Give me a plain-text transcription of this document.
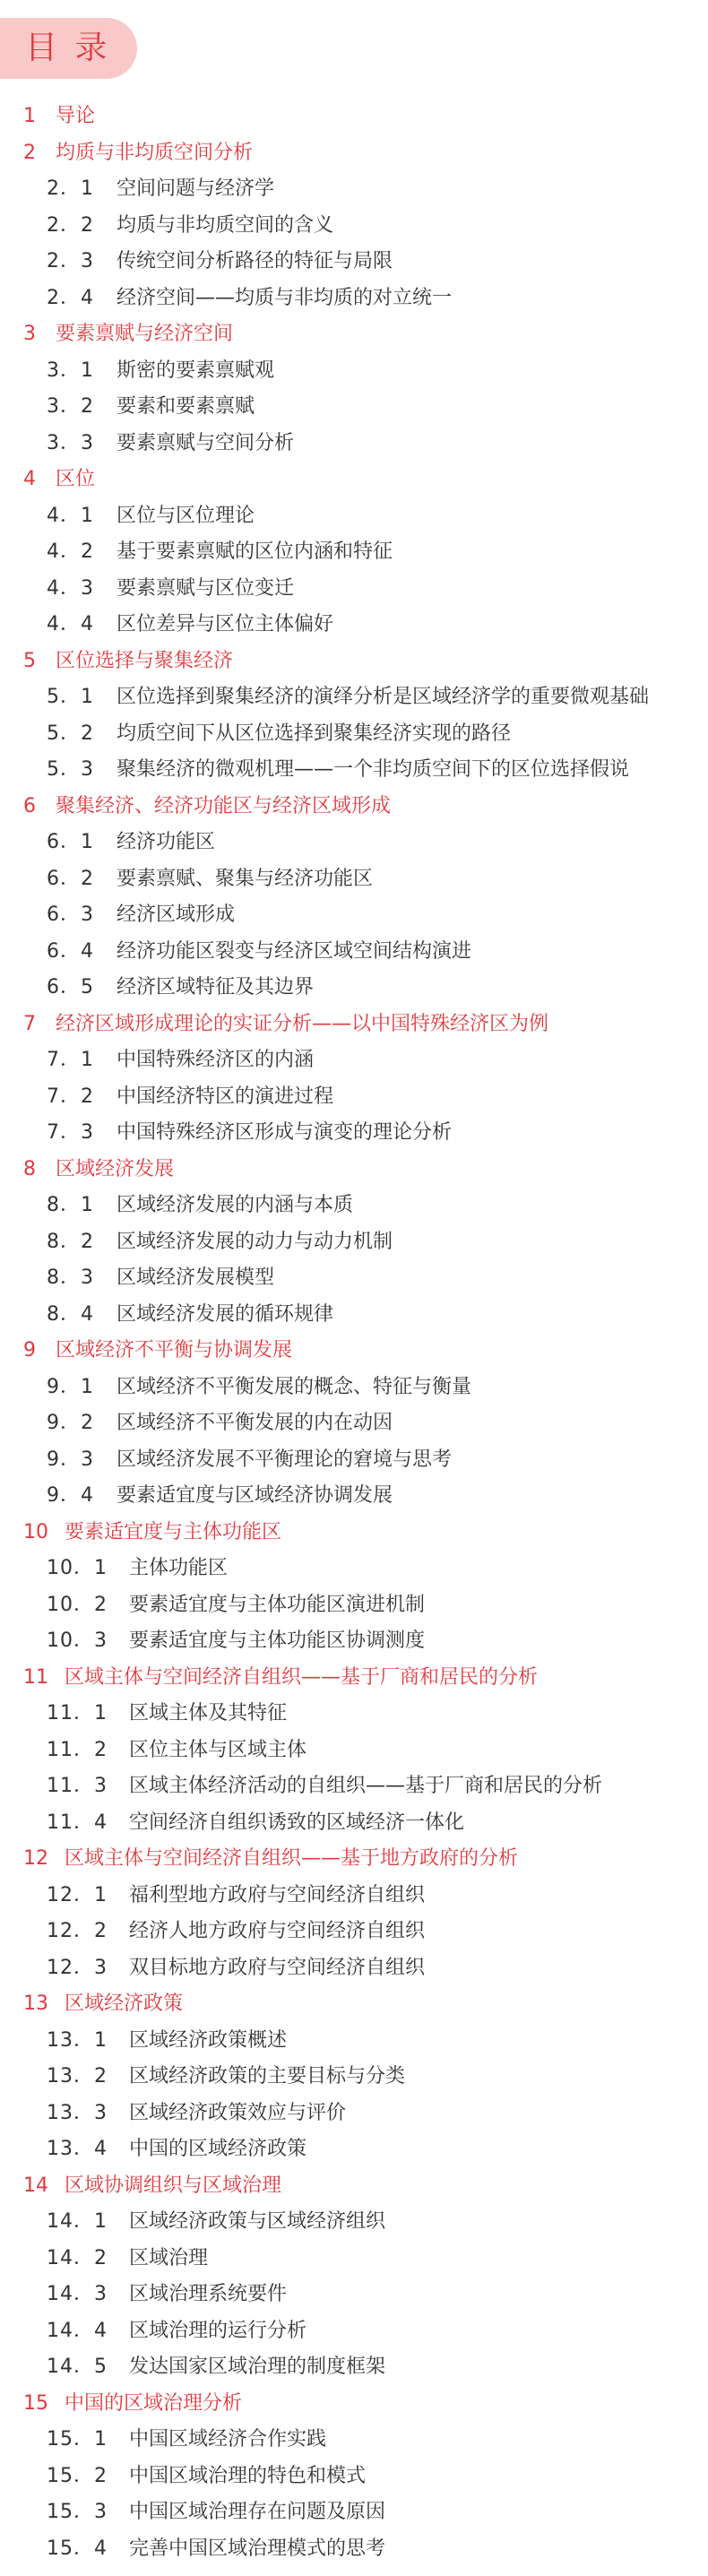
目 录
1 导论
2 均质与非均质空间分析
2．1 空间问题与经济学
2．2 均质与非均质空间的含义
2．3 传统空间分析路径的特征与局限
2．4 经济空间——均质与非均质的对立统一
3 要素禀赋与经济空间
3．1 斯密的要素禀赋观
3．2 要素和要素禀赋
3．3 要素禀赋与空间分析
4 区位
4．1 区位与区位理论
4．2 基于要素禀赋的区位内涵和特征
4．3 要素禀赋与区位变迁
4．4 区位差异与区位主体偏好
5 区位选择与聚集经济
5．1 区位选择到聚集经济的演绎分析是区域经济学的重要微观基础
5．2 均质空间下从区位选择到聚集经济实现的路径
5．3 聚集经济的微观机理——一个非均质空间下的区位选择假说
6 聚集经济、经济功能区与经济区域形成
6．1 经济功能区
6．2 要素禀赋、聚集与经济功能区
6．3 经济区域形成
6．4 经济功能区裂变与经济区域空间结构演进
6．5 经济区域特征及其边界
7 经济区域形成理论的实证分析——以中国特殊经济区为例
7．1 中国特殊经济区的内涵
7．2 中国经济特区的演进过程
7．3 中国特殊经济区形成与演变的理论分析
8 区域经济发展
8．1 区域经济发展的内涵与本质
8．2 区域经济发展的动力与动力机制
8．3 区域经济发展模型
8．4 区域经济发展的循环规律
9 区域经济不平衡与协调发展
9．1 区域经济不平衡发展的概念、特征与衡量
9．2 区域经济不平衡发展的内在动因
9．3 区域经济发展不平衡理论的窘境与思考
9．4 要素适宜度与区域经济协调发展
10 要素适宜度与主体功能区
10．1 主体功能区
10．2 要素适宜度与主体功能区演进机制
10．3 要素适宜度与主体功能区协调测度
11 区域主体与空间经济自组织——基于厂商和居民的分析
11．1 区域主体及其特征
11．2 区位主体与区域主体
11．3 区域主体经济活动的自组织——基于厂商和居民的分析
11．4 空间经济自组织诱致的区域经济一体化
12 区域主体与空间经济自组织——基于地方政府的分析
12．1 福利型地方政府与空间经济自组织
12．2 经济人地方政府与空间经济自组织
12．3 双目标地方政府与空间经济自组织
13 区域经济政策
13．1 区域经济政策概述
13．2 区域经济政策的主要目标与分类
13．3 区域经济政策效应与评价
13．4 中国的区域经济政策
14 区域协调组织与区域治理
14．1 区域经济政策与区域经济组织
14．2 区域治理
14．3 区域治理系统要件
14．4 区域治理的运行分析
14．5 发达国家区域治理的制度框架
15 中国的区域治理分析
15．1 中国区域经济合作实践
15．2 中国区域治理的特色和模式
15．3 中国区域治理存在问题及原因
15．4 完善中国区域治理模式的思考
